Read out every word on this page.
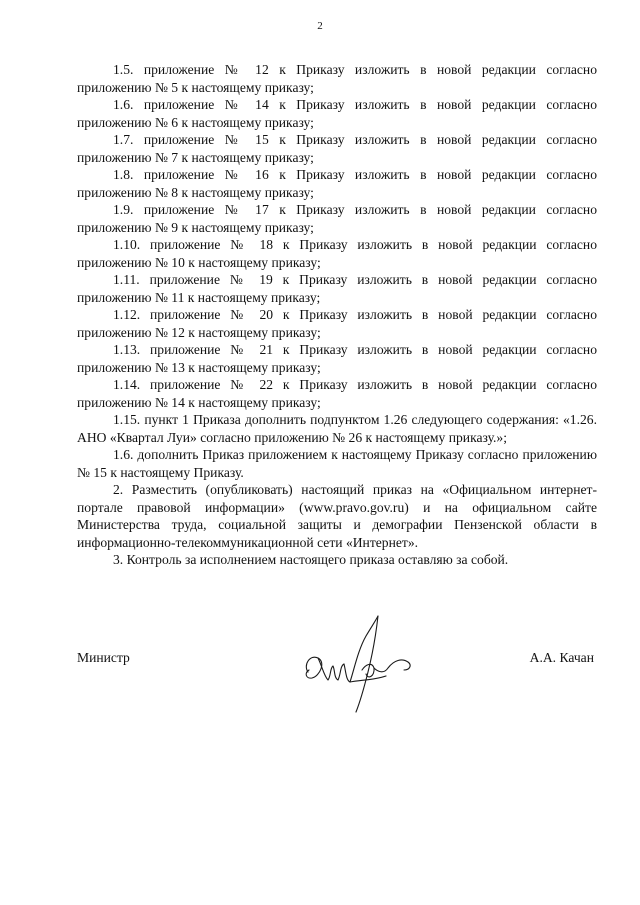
2

1.5. приложение № 12 к Приказу изложить в новой редакции согласно приложению № 5 к настоящему приказу;

1.6. приложение № 14 к Приказу изложить в новой редакции согласно приложению № 6 к настоящему приказу;

1.7. приложение № 15 к Приказу изложить в новой редакции согласно приложению № 7 к настоящему приказу;

1.8. приложение № 16 к Приказу изложить в новой редакции согласно приложению № 8 к настоящему приказу;

1.9. приложение № 17 к Приказу изложить в новой редакции согласно приложению № 9 к настоящему приказу;

1.10. приложение № 18 к Приказу изложить в новой редакции согласно приложению № 10 к настоящему приказу;

1.11. приложение № 19 к Приказу изложить в новой редакции согласно приложению № 11 к настоящему приказу;

1.12. приложение № 20 к Приказу изложить в новой редакции согласно приложению № 12 к настоящему приказу;

1.13. приложение № 21 к Приказу изложить в новой редакции согласно приложению № 13 к настоящему приказу;

1.14. приложение № 22 к Приказу изложить в новой редакции согласно приложению № 14 к настоящему приказу;

1.15. пункт 1 Приказа дополнить подпунктом 1.26 следующего содержания: «1.26. АНО «Квартал Луи» согласно приложению № 26 к настоящему приказу.»;

1.6. дополнить Приказ приложением к настоящему Приказу согласно приложению № 15 к настоящему Приказу.

2. Разместить (опубликовать) настоящий приказ на «Официальном интернет-портале правовой информации» (www.pravo.gov.ru) и на официальном сайте Министерства труда, социальной защиты и демографии Пензенской области в информационно-телекоммуникационной сети «Интернет».

3. Контроль за исполнением настоящего приказа оставляю за собой.

Министр	А.А. Качан
